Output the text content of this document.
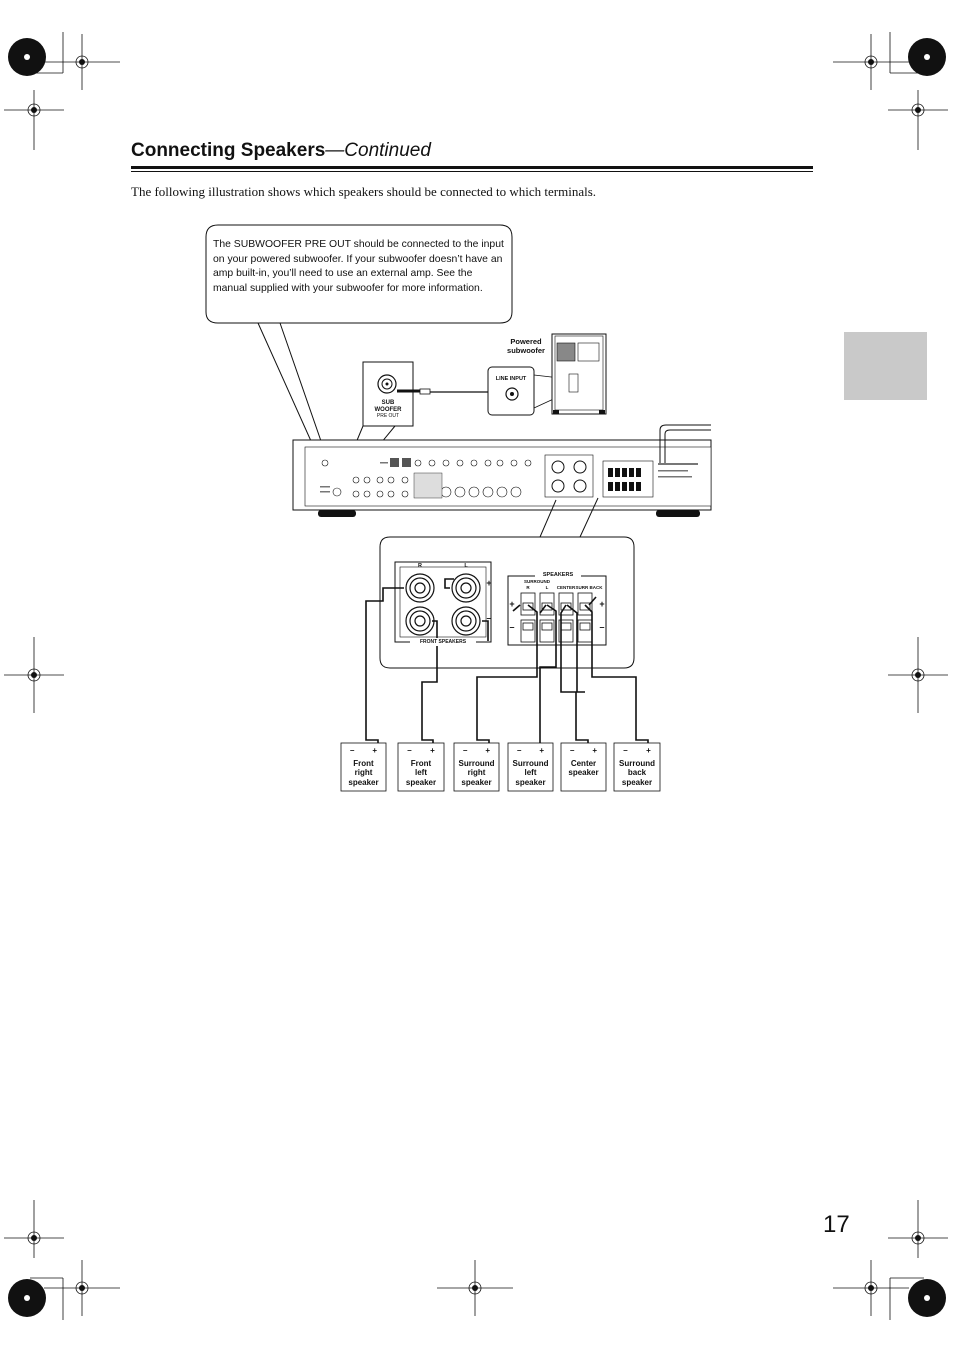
Connecting Speakers—Continued
The following illustration shows which speakers should be connected to which terminals.
The SUBWOOFER PRE OUT should be connected to the input on your powered subwoofer. If your subwoofer doesn’t have an amp built-in, you’ll need to use an external amp. See the manual supplied with your subwoofer for more information.
Powered
subwoofer
LINE INPUT
SUB
WOOFER
PRE OUT
R	L
+
–
FRONT SPEAKERS
SPEAKERS
SURROUND
R	L	CENTER SURR BACK
+	+
–	–
– +
Front
right
speaker
– +
Front
left
speaker
– +
Surround
right
speaker
– +
Surround
left
speaker
– +
Center
speaker
– +
Surround
back
speaker
17
